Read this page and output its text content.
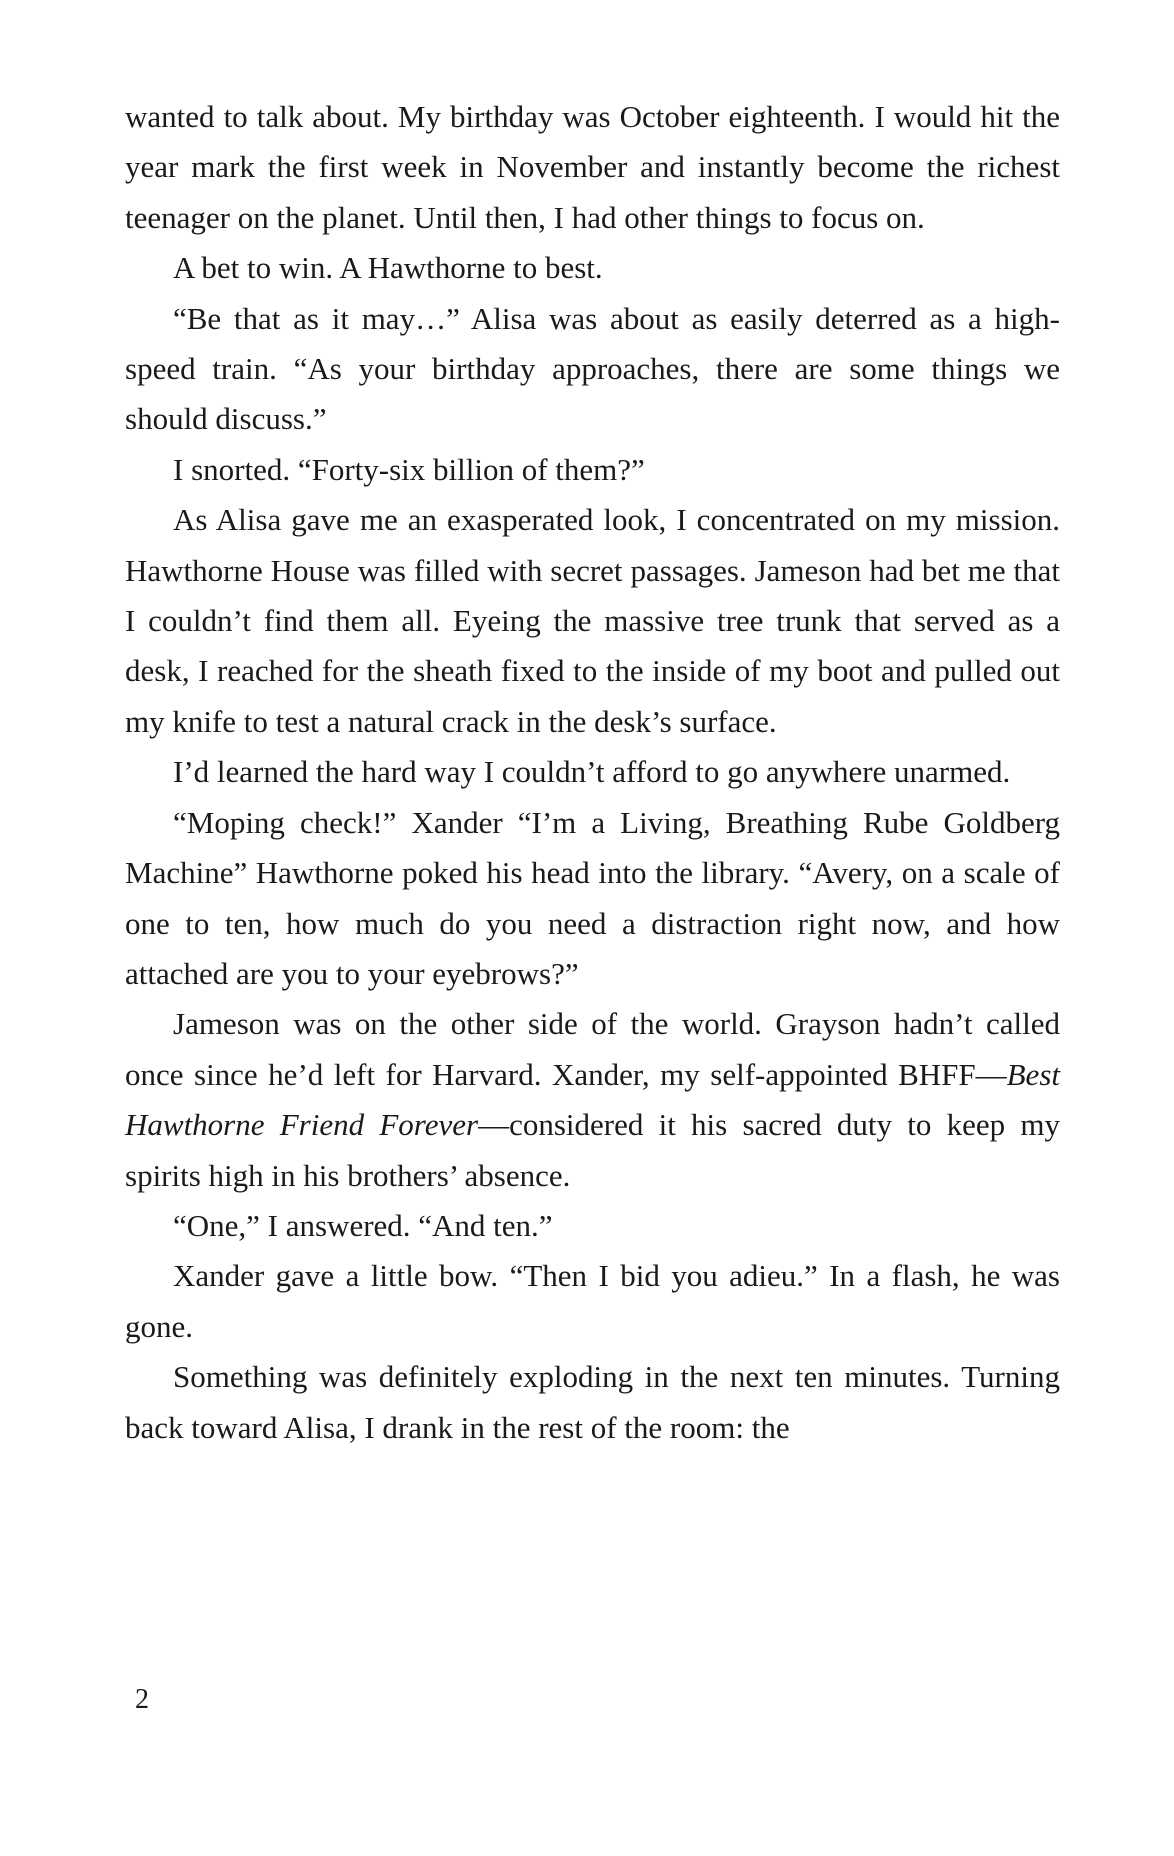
wanted to talk about. My birthday was October eighteenth. I would hit the year mark the first week in November and instantly become the richest teenager on the planet. Until then, I had other things to focus on.

A bet to win. A Hawthorne to best.

“Be that as it may…” Alisa was about as easily deterred as a high-speed train. “As your birthday approaches, there are some things we should discuss.”

I snorted. “Forty-six billion of them?”

As Alisa gave me an exasperated look, I concentrated on my mission. Hawthorne House was filled with secret passages. Jameson had bet me that I couldn’t find them all. Eyeing the massive tree trunk that served as a desk, I reached for the sheath fixed to the inside of my boot and pulled out my knife to test a natural crack in the desk’s surface.

I’d learned the hard way I couldn’t afford to go anywhere unarmed.

“Moping check!” Xander “I’m a Living, Breathing Rube Goldberg Machine” Hawthorne poked his head into the library. “Avery, on a scale of one to ten, how much do you need a distraction right now, and how attached are you to your eyebrows?”

Jameson was on the other side of the world. Grayson hadn’t called once since he’d left for Harvard. Xander, my self-appointed BHFF—Best Hawthorne Friend Forever—considered it his sacred duty to keep my spirits high in his brothers’ absence.

“One,” I answered. “And ten.”

Xander gave a little bow. “Then I bid you adieu.” In a flash, he was gone.

Something was definitely exploding in the next ten minutes. Turning back toward Alisa, I drank in the rest of the room: the

2
